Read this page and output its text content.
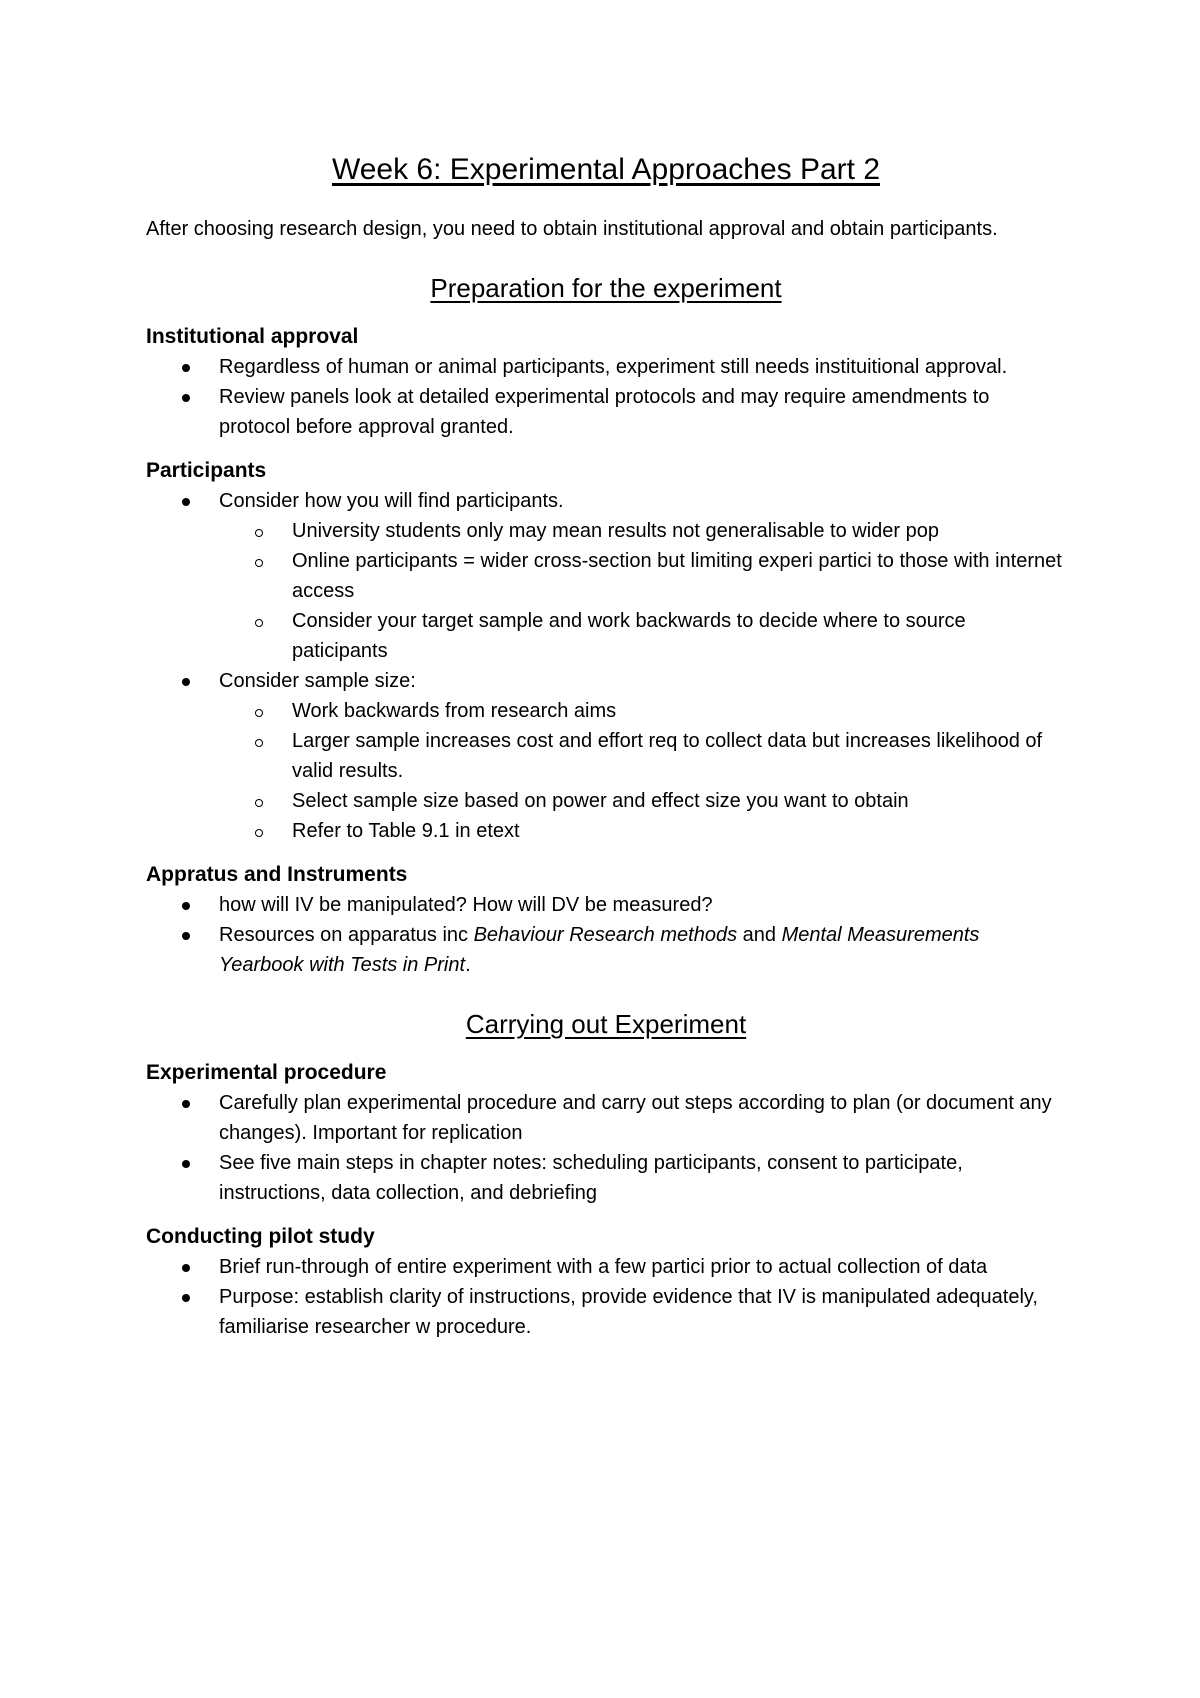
Week 6: Experimental Approaches Part 2
After choosing research design, you need to obtain institutional approval and obtain participants.
Preparation for the experiment
Institutional approval
Regardless of human or animal participants, experiment still needs instituitional approval.
Review panels look at detailed experimental protocols and may require amendments to protocol before approval granted.
Participants
Consider how you will find participants.
University students only may mean results not generalisable to wider pop
Online participants = wider cross-section but limiting experi partici to those with internet access
Consider your target sample and work backwards to decide where to source paticipants
Consider sample size:
Work backwards from research aims
Larger sample increases cost and effort req to collect data but increases likelihood of valid results.
Select sample size based on power and effect size you want to obtain
Refer to Table 9.1 in etext
Appratus and Instruments
how will IV be manipulated? How will DV be measured?
Resources on apparatus inc Behaviour Research methods and Mental Measurements Yearbook with Tests in Print.
Carrying out Experiment
Experimental procedure
Carefully plan experimental procedure and carry out steps according to plan (or document any changes). Important for replication
See five main steps in chapter notes: scheduling participants, consent to participate, instructions, data collection, and debriefing
Conducting pilot study
Brief run-through of entire experiment with a few partici prior to actual collection of data
Purpose: establish clarity of instructions, provide evidence that IV is manipulated adequately, familiarise researcher w procedure.
